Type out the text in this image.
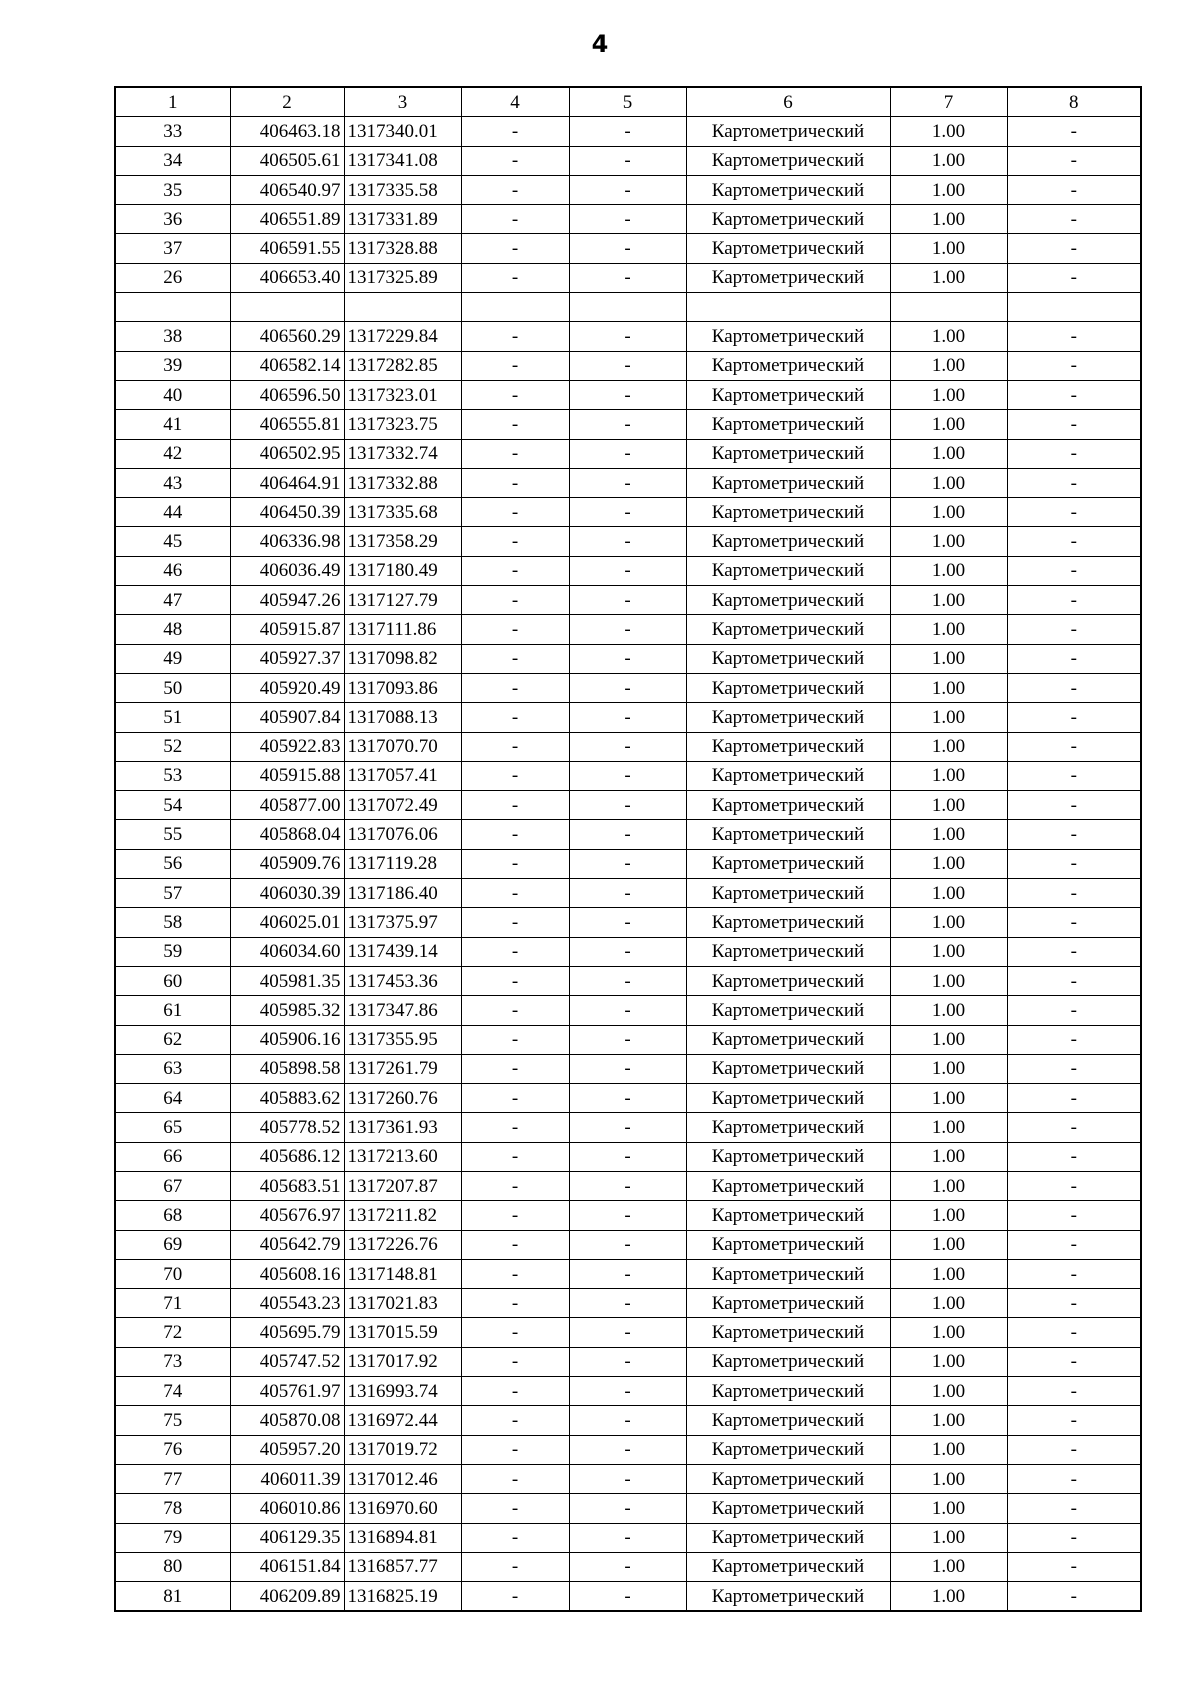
4
1	2	3	4	5	6	7	8
33	406463.18	1317340.01	-	-	Картометрический	1.00	-
34	406505.61	1317341.08	-	-	Картометрический	1.00	-
35	406540.97	1317335.58	-	-	Картометрический	1.00	-
36	406551.89	1317331.89	-	-	Картометрический	1.00	-
37	406591.55	1317328.88	-	-	Картометрический	1.00	-
26	406653.40	1317325.89	-	-	Картометрический	1.00	-

38	406560.29	1317229.84	-	-	Картометрический	1.00	-
39	406582.14	1317282.85	-	-	Картометрический	1.00	-
40	406596.50	1317323.01	-	-	Картометрический	1.00	-
41	406555.81	1317323.75	-	-	Картометрический	1.00	-
42	406502.95	1317332.74	-	-	Картометрический	1.00	-
43	406464.91	1317332.88	-	-	Картометрический	1.00	-
44	406450.39	1317335.68	-	-	Картометрический	1.00	-
45	406336.98	1317358.29	-	-	Картометрический	1.00	-
46	406036.49	1317180.49	-	-	Картометрический	1.00	-
47	405947.26	1317127.79	-	-	Картометрический	1.00	-
48	405915.87	1317111.86	-	-	Картометрический	1.00	-
49	405927.37	1317098.82	-	-	Картометрический	1.00	-
50	405920.49	1317093.86	-	-	Картометрический	1.00	-
51	405907.84	1317088.13	-	-	Картометрический	1.00	-
52	405922.83	1317070.70	-	-	Картометрический	1.00	-
53	405915.88	1317057.41	-	-	Картометрический	1.00	-
54	405877.00	1317072.49	-	-	Картометрический	1.00	-
55	405868.04	1317076.06	-	-	Картометрический	1.00	-
56	405909.76	1317119.28	-	-	Картометрический	1.00	-
57	406030.39	1317186.40	-	-	Картометрический	1.00	-
58	406025.01	1317375.97	-	-	Картометрический	1.00	-
59	406034.60	1317439.14	-	-	Картометрический	1.00	-
60	405981.35	1317453.36	-	-	Картометрический	1.00	-
61	405985.32	1317347.86	-	-	Картометрический	1.00	-
62	405906.16	1317355.95	-	-	Картометрический	1.00	-
63	405898.58	1317261.79	-	-	Картометрический	1.00	-
64	405883.62	1317260.76	-	-	Картометрический	1.00	-
65	405778.52	1317361.93	-	-	Картометрический	1.00	-
66	405686.12	1317213.60	-	-	Картометрический	1.00	-
67	405683.51	1317207.87	-	-	Картометрический	1.00	-
68	405676.97	1317211.82	-	-	Картометрический	1.00	-
69	405642.79	1317226.76	-	-	Картометрический	1.00	-
70	405608.16	1317148.81	-	-	Картометрический	1.00	-
71	405543.23	1317021.83	-	-	Картометрический	1.00	-
72	405695.79	1317015.59	-	-	Картометрический	1.00	-
73	405747.52	1317017.92	-	-	Картометрический	1.00	-
74	405761.97	1316993.74	-	-	Картометрический	1.00	-
75	405870.08	1316972.44	-	-	Картометрический	1.00	-
76	405957.20	1317019.72	-	-	Картометрический	1.00	-
77	406011.39	1317012.46	-	-	Картометрический	1.00	-
78	406010.86	1316970.60	-	-	Картометрический	1.00	-
79	406129.35	1316894.81	-	-	Картометрический	1.00	-
80	406151.84	1316857.77	-	-	Картометрический	1.00	-
81	406209.89	1316825.19	-	-	Картометрический	1.00	-
